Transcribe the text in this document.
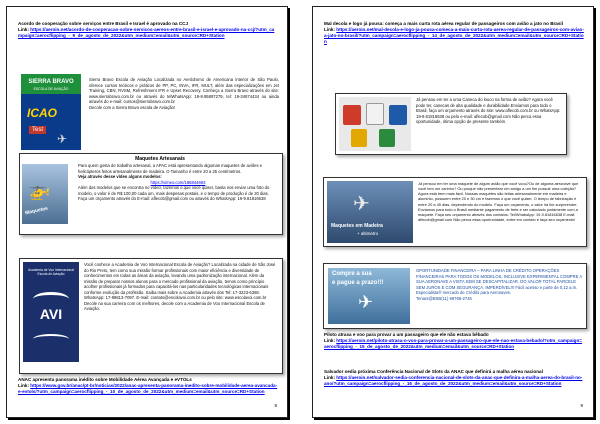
Acordo de cooperação sobre serviços entre Brasil e Israel é aprovado na CCJ
Link: https://aeroin.net/acordo-de-cooperacao-sobre-servicos-aereos-entre-brasil-e-israel-e-aprovado-na-ccj/?utm_campaign=aerocflipping_-_9_de_agosto_de_2022&utm_medium=email&utm_source=RD+Station
SIERRA BRAVO
ESCOLA DE AVIAÇÃO
ICAO
Test
✈
Sierra Bravo Escola de Aviação Localizada no Aeródromo de Americana interior de São Paulo, oferece cursos teóricos e práticos de PP, PC, INVA, IFR, MULT, além das especializações em Jet Training, CBN, RVSM, Refreshment IFR e Upset Recovery. Conheça a Sierra Bravo através do site: www.sierrabravo.com.br ou através do telWhatsApp: 19-9.95897279, tel: 19-34674434 ou ainda através do e-mail: cursos@sierrabravo.com.br
Decole com a Sierra Bravo escola de Aviação!
🚁
Maquetes
Maquetes Artesanais
Para quem gosta de trabalho artesanal, a APAC está apresentando algumas maquetes de aviões e helicópteros feitos artesanalmente de madeira. O Tamanho é entre 20 a 25 centímetros.
Veja através desse vídeo alguns modelos:

https://vimeo.com/186844693
Além dos modelos que se encontra no vídeo, fazemos o que você quiser, basta nos enviar uma foto do modelo, o valor é de R$ 100,00 cada um, mais despesas postais, e o tempo de produção é de 20 dias. Faça um orçamento através do E-mail: aflecob@gmail.com ou através do WhatsApp: 19-9.81816638
Academia de Voo Internacional Escola de Aviação
AVI
Você conhece a Academia de Voo Internacional Escola de Aviação? Localizada na cidade de São José do Rio Preto, tem como sua missão formar profissionais com maior eficiência e diversidade de conhecimentos em todas as áreas da aviação, levando uma padronização internacional. Além da missão de preparar nossos alunos para o mercado profissional da aviação, temos como princípio acolher profissionais já formados para capacitá-los nas particularidades tecnológicas internacionais conforme evolução da profissão. Saiba mais sobre a Academia através dos Tel: 17-3223-6368. WhatsApp: 17-99613-7097. E-mail: contato@escolavoi.com.br ou pelo site: www.escolavoi.com.br
Decole na sua carreira com os melhores, decole com a Academia de Voo Internacional Escola de Aviação.
ANAC apresenta panorama inédito sobre Mobilidade Aérea Avançada e eVTOLs
Link: https://www.gov.br/anac/pt-br/noticias/2022/anac-apresenta-panorama-inedito-sobre-mobilidade-aerea-avancada-e-evtols/?utm_campaign=aerocflipping_-_10_de_agosto_de_2022&utm_medium=email&utm_source=RD+Station
8
Mal decola e logo já pousa: começa a mais curta rota aérea regular de passageiros com avião a jato no Brasil
Link: https://aeroin.net/mal-decola-e-logo-ja-pousa-comeca-a-mais-curta-rota-aerea-regular-de-passageiros-com-aviao-a-jato-no-brasil/?utm_campaign=aerocflipping_-_14_de_agosto_de_2022&utm_medium=email&utm_source=RD+Station
Já pensou em ter a uma Caneca do louco na forma de avião? Agora você pode ter, canecas de alta qualidade e durabilidade.Enviamos para todo o Brasil, faça um orçamento através do site: www.aflecob.com.br ou WhatsApp: 19-9.81816638 ou pelo e-mail: aflecob@gmail.com Não perca essa oportunidade, ótima opção de presente também.
✈
Maquetes em Madeira
+ altimetro
Já pensou em ter uma maquete de algum avião que você voou?Ou de alguma aeronave que você tem um carinho? Ou porque não presentear um amigo a um fim possuir uma coleção? Agora está bem mais fácil. Nossas maquetes são feitas artesanalmente em madeira e alumínio, possuem entre 20 e 30 cm e fazemos o que você quiser. O tempo de fabricação é entre 20 a 45 dias, dependendo do modelo. Faça um orçamento, o valor irá lhe surpreender. Enviamos para todo o Brasil mediante pagamento de frete e ser calculado juntamente com a maquete. Faça seu orçamento através dos contatos: Tel/WhatsApp: 19-9.81816638 E-mail: aflecob@gmail.com Não perca essa oportunidade, entre em contato e faça seu orçamento!
Compre a sua
e pague a prazo!!!
✈
OPORTUNIDADE FINANCEIRA – PARA LINHA DE CRÉDITO OPERAÇÕES FINANCEIRAS PARA TODOS OS MODELOS, INCLUSIVE EXPERIMENTAL COMPRE A SUA AERONAVE A VISTA SEM SE DESCAPITALIZAR. DO VALOR TOTAL PARCELE SEM JUROS E COM SEGURANÇA, IMPERDÍVEL!!! Fácil acesso e parte de 0,12 a.m. Especialista® mercado de Crédito para Aeronaves.
Tenant@BSB(11) 98766-2745
Piloto atrasa e voo para provar a um passageiro que ele não estava bêbado
Link: https://aeroin.net/piloto-atrasa-o-voo-para-provar-a-um-passageiro-que-ele-nao-estava-bebado/?utm_campaign=aerocflipping_-_15_de_agosto_de_2022&utm_medium=email&utm_source=RD+Station
Salvador sedia próxima Conferência Nacional de Slots da ANAC que definirá a malha aérea nacional
Link: https://aeroin.net/salvador-sedia-conferencia-nacional-de-slots-da-anac-que-definira-a-malha-aerea-do-brasil-no-ano/?utm_campaign=aerocflipping_-_16_de_agosto_de_2022&utm_medium=email&utm_source=RD+Station
9
